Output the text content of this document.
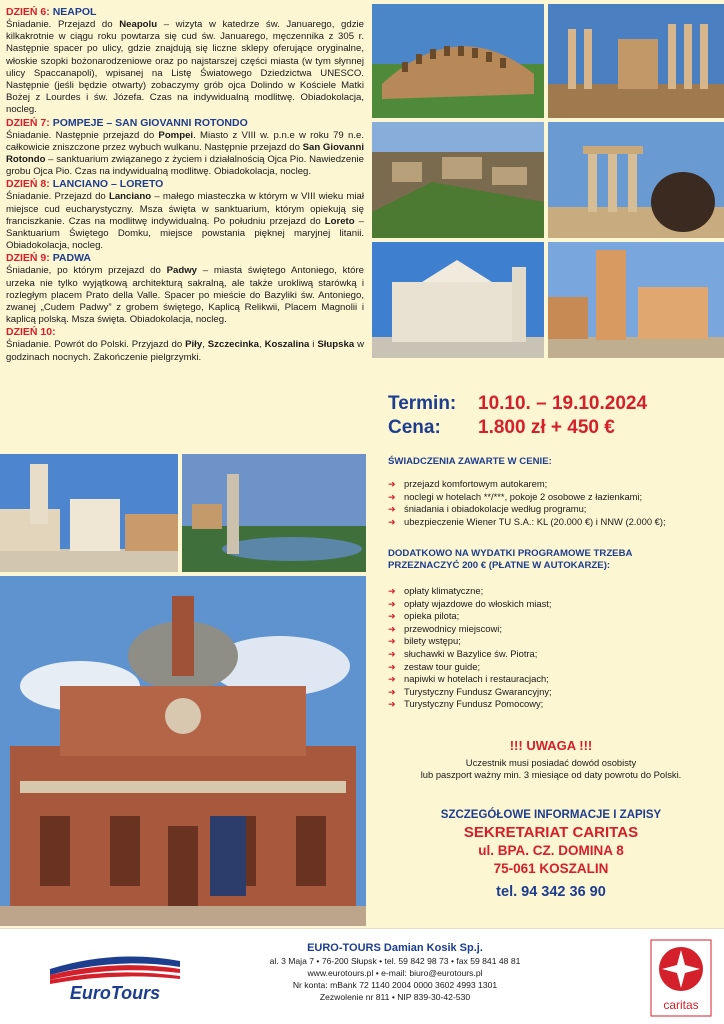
DZIEŃ 6: NEAPOL

Śniadanie. Przejazd do Neapolu – wizyta w katedrze św. Januarego, gdzie kilkakrotnie w ciągu roku powtarza się cud św. Januarego, męczennika z 305 r. Następnie spacer po ulicy, gdzie znajdują się liczne sklepy oferujące oryginalne, włoskie szopki bożonarodzeniowe oraz po najstarszej części miasta (w tym słynnej ulicy Spaccanapoli), wpisanej na Listę Światowego Dziedzictwa UNESCO. Następnie (jeśli będzie otwarty) zobaczymy grób ojca Dolindo w Kościele Matki Bożej z Lourdes i św. Józefa. Czas na indywidualną modlitwę. Obiadokolacja, nocleg.

DZIEŃ 7: POMPEJE – SAN GIOVANNI ROTONDO

Śniadanie. Następnie przejazd do Pompei. Miasto z VIII w. p.n.e w roku 79 n.e. całkowicie zniszczone przez wybuch wulkanu. Następnie przejazd do San Giovanni Rotondo – sanktuarium związanego z życiem i działalnością Ojca Pio. Nawiedzenie grobu Ojca Pio. Czas na indywidualną modlitwę. Obiadokolacja, nocleg.

DZIEŃ 8: LANCIANO – LORETO

Śniadanie. Przejazd do Lanciano – małego miasteczka w którym w VIII wieku miał miejsce cud eucharystyczny. Msza święta w sanktuarium, którym opiekują się franciszkanie. Czas na modlitwę indywidualną. Po południu przejazd do Loreto – Sanktuarium Świętego Domku, miejsce powstania pięknej maryjnej litanii. Obiadokolacja, nocleg.

DZIEŃ 9: PADWA

Śniadanie, po którym przejazd do Padwy – miasta świętego Antoniego, które urzeka nie tylko wyjątkową architekturą sakralną, ale także urokliwą starówką i rozległym placem Prato della Valle. Spacer po mieście do Bazyliki św. Antoniego, zwanej „Cudem Padwy” z grobem świętego, Kaplicą Relikwii, Placem Magnolii i kaplicą polską. Msza święta. Obiadokolacja, nocleg.

DZIEŃ 10:

Śniadanie. Powrót do Polski. Przyjazd do Piły, Szczecinka, Koszalina i Słupska w godzinach nocnych. Zakończenie pielgrzymki.

Termin:	10.10. – 19.10.2024
Cena:	1.800 zł + 450 €
ŚWIADCZENIA ZAWARTE W CENIE:
➜ przejazd komfortowym autokarem;
➜ noclegi w hotelach **/***, pokoje 2 osobowe z łazienkami;
➜ śniadania i obiadokolacje według programu;
➜ ubezpieczenie Wiener TU S.A.: KL (20.000 €) i NNW (2.000 €);
DODATKOWO NA WYDATKI PROGRAMOWE TRZEBA
PRZEZNACZYĆ 200 € (PŁATNE W AUTOKARZE):
➜ opłaty klimatyczne;
➜ opłaty wjazdowe do włoskich miast;
➜ opieka pilota;
➜ przewodnicy miejscowi;
➜ bilety wstępu;
➜ słuchawki w Bazylice św. Piotra;
➜ zestaw tour guide;
➜ napiwki w hotelach i restauracjach;
➜ Turystyczny Fundusz Gwarancyjny;
➜ Turystyczny Fundusz Pomocowy;
!!! UWAGA !!!

Uczestnik musi posiadać dowód osobisty
lub paszport ważny min. 3 miesiące od daty powrotu do Polski.

SZCZEGÓŁOWE INFORMACJE I ZAPISY
SEKRETARIAT CARITAS
ul. BPA. CZ. DOMINA 8
75-061 KOSZALIN
tel. 94 342 36 90
EuroTours
EURO-TOURS Damian Kosik Sp.j.
al. 3 Maja 7 • 76-200 Słupsk • tel. 59 842 98 73 • fax 59 841 48 81
www.eurotours.pl • e-mail: biuro@eurotours.pl
Nr konta: mBank 72 1140 2004 0000 3602 4993 1301
Zezwolenie nr 811 • NIP 839-30-42-530
caritas
